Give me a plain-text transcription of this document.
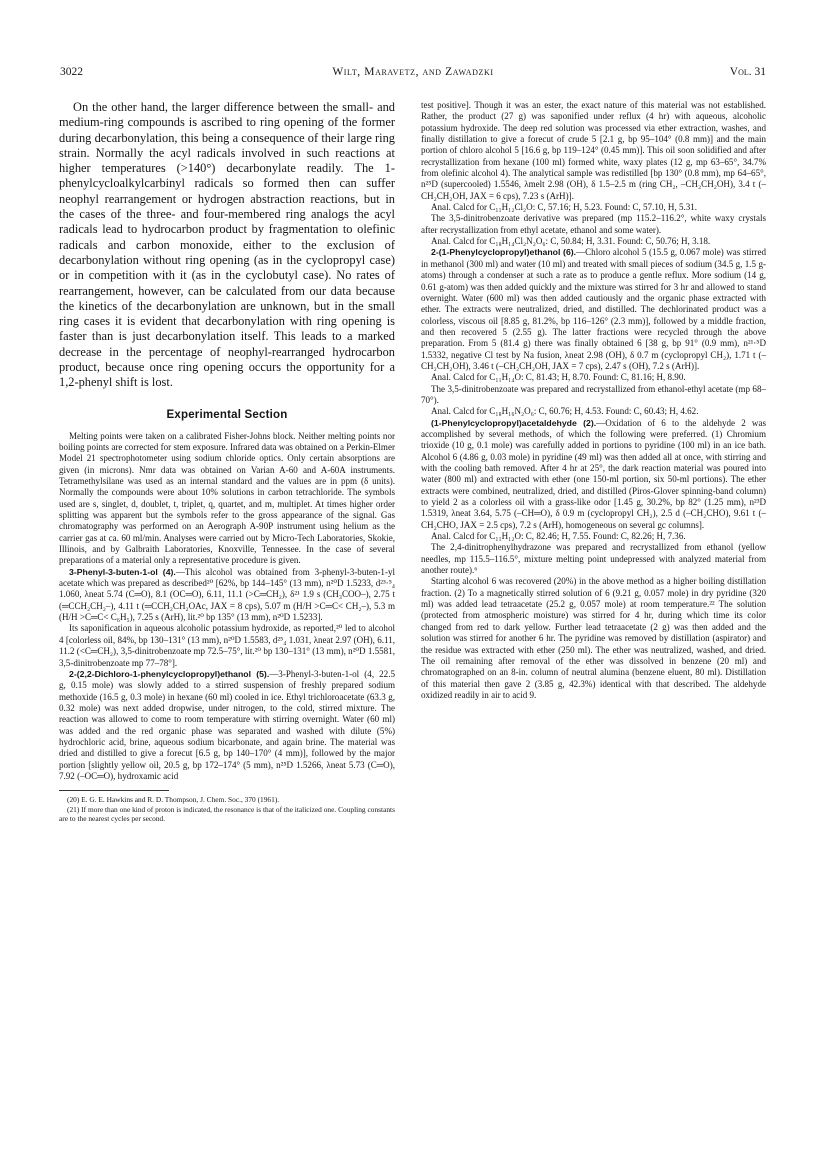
3022	Wilt, Maravetz, and Zawadzki	Vol. 31

On the other hand, the larger difference between the small- and medium-ring compounds is ascribed to ring opening of the former during decarbonylation, this being a consequence of their large ring strain. Normally the acyl radicals involved in such reactions at higher temperatures (>140°) decarbonylate readily. The 1-phenylcycloalkylcarbinyl radicals so formed then can suffer neophyl rearrangement or hydrogen abstraction reactions, but in the cases of the three- and four-membered ring analogs the acyl radicals lead to hydrocarbon product by fragmentation to olefinic radicals and carbon monoxide, either to the exclusion of decarbonylation without ring opening (as in the cyclopropyl case) or in competition with it (as in the cyclobutyl case). No rates of rearrangement, however, can be calculated from our data because the kinetics of the decarbonylation are unknown, but in the small ring cases it is evident that decarbonylation with ring opening is faster than is just decarbonylation itself. This leads to a marked decrease in the percentage of neophyl-rearranged hydrocarbon product, because once ring opening occurs the opportunity for a 1,2-phenyl shift is lost.

Experimental Section

Melting points were taken on a calibrated Fisher-Johns block. Neither melting points nor boiling points are corrected for stem exposure. Infrared data was obtained on a Perkin-Elmer Model 21 spectrophotometer using sodium chloride optics. Only certain absorptions are given (in microns). Nmr data was obtained on Varian A-60 and A-60A instruments. Tetramethylsilane was used as an internal standard and the values are in ppm (δ units). Normally the compounds were about 10% solutions in carbon tetrachloride. The symbols used are s, singlet, d, doublet, t, triplet, q, quartet, and m, multiplet. At times higher order splitting was apparent but the symbols refer to the gross appearance of the signal. Gas chromatography was performed on an Aerograph A-90P instrument using helium as the carrier gas at ca. 60 ml/min. Analyses were carried out by Micro-Tech Laboratories, Skokie, Illinois, and by Galbraith Laboratories, Knoxville, Tennessee. In the case of several preparations of a material only a representative procedure is given.

3-Phenyl-3-buten-1-ol (4).—This alcohol was obtained from 3-phenyl-3-buten-1-yl acetate which was prepared as described²⁰ [62%, bp 144–145° (13 mm), n²⁰D 1.5233, d²³·⁵₄ 1.060, λneat 5.74 (C═O), 8.1 (OC═O), 6.11, 11.1 (>C═CH₂), δ²¹ 1.9 s (CH₃COO–), 2.75 t (═CCH₂CH₂–), 4.11 t (═CCH₂CH₂OAc, JAX = 8 cps), 5.07 m (H/H >C═C< CH₂–), 5.3 m (H/H >C═C< C₆H₅), 7.25 s (ArH), lit.²⁰ bp 135° (13 mm), n²⁰D 1.5233].

Its saponification in aqueous alcoholic potassium hydroxide, as reported,²⁰ led to alcohol 4 [colorless oil, 84%, bp 130–131° (13 mm), n²⁰D 1.5583, d²⁵₄ 1.031, λneat 2.97 (OH), 6.11, 11.2 (<C═CH₂), 3,5-dinitrobenzoate mp 72.5–75°, lit.²⁰ bp 130–131° (13 mm), n²⁰D 1.5581, 3,5-dinitrobenzoate mp 77–78°].

2-(2,2-Dichloro-1-phenylcyclopropyl)ethanol (5).—3-Phenyl-3-buten-1-ol (4, 22.5 g, 0.15 mole) was slowly added to a stirred suspension of freshly prepared sodium methoxide (16.5 g, 0.3 mole) in hexane (60 ml) cooled in ice. Ethyl trichloroacetate (63.3 g, 0.32 mole) was next added dropwise, under nitrogen, to the cold, stirred mixture. The reaction was allowed to come to room temperature with stirring overnight. Water (60 ml) was added and the red organic phase was separated and washed with dilute (5%) hydrochloric acid, brine, aqueous sodium bicarbonate, and again brine. The material was dried and distilled to give a forecut [6.5 g, bp 140–170° (4 mm)], followed by the major portion [slightly yellow oil, 20.5 g, bp 172–174° (5 mm), n²⁵D 1.5266, λneat 5.73 (C═O), 7.92 (–OC═O), hydroxamic acid

(20) E. G. E. Hawkins and R. D. Thompson, J. Chem. Soc., 370 (1961).

(21) If more than one kind of proton is indicated, the resonance is that of the italicized one. Coupling constants are to the nearest cycles per second.

test positive]. Though it was an ester, the exact nature of this material was not established. Rather, the product (27 g) was saponified under reflux (4 hr) with aqueous, alcoholic potassium hydroxide. The deep red solution was processed via ether extraction, washes, and finally distillation to give a forecut of crude 5 [2.1 g, bp 95–104° (0.8 mm)] and the main portion of chloro alcohol 5 [16.6 g, bp 119–124° (0.45 mm)]. This oil soon solidified and after recrystallization from hexane (100 ml) formed white, waxy plates (12 g, mp 63–65°, 34.7% from olefinic alcohol 4). The analytical sample was redistilled [bp 130° (0.8 mm), mp 64–65°, n²⁵D (supercooled) 1.5546, λmelt 2.98 (OH), δ 1.5–2.5 m (ring CH₂, –CH₂CH₂OH), 3.4 t (–CH₂CH₂OH, JAX = 6 cps), 7.23 s (ArH)].

Anal. Calcd for C₁₁H₁₂Cl₂O: C, 57.16; H, 5.23. Found: C, 57.10, H, 5.31.

The 3,5-dinitrobenzoate derivative was prepared (mp 115.2–116.2°, white waxy crystals after recrystallization from ethyl acetate, ethanol and some water).

Anal. Calcd for C₁₈H₁₄Cl₂N₂O₆: C, 50.84; H, 3.31. Found: C, 50.76; H, 3.18.

2-(1-Phenylcyclopropyl)ethanol (6).—Chloro alcohol 5 (15.5 g, 0.067 mole) was stirred in methanol (300 ml) and water (10 ml) and treated with small pieces of sodium (34.5 g, 1.5 g-atoms) through a condenser at such a rate as to produce a gentle reflux. More sodium (14 g, 0.61 g-atom) was then added quickly and the mixture was stirred for 3 hr and allowed to stand overnight. Water (600 ml) was then added cautiously and the organic phase extracted with ether. The extracts were neutralized, dried, and distilled. The dechlorinated product was a colorless, viscous oil [8.85 g, 81.2%, bp 116–126° (2.3 mm)], followed by a middle fraction, and then recovered 5 (2.55 g). The latter fractions were recycled through the above preparation. From 5 (81.4 g) there was finally obtained 6 [38 g, bp 91° (0.9 mm), n²¹·⁵D 1.5332, negative Cl test by Na fusion, λneat 2.98 (OH), δ 0.7 m (cyclopropyl CH₂), 1.71 t (–CH₂CH₂OH), 3.46 t (–CH₂CH₂OH, JAX = 7 cps), 2.47 s (OH), 7.2 s (ArH)].

Anal. Calcd for C₁₁H₁₄O: C, 81.43; H, 8.70. Found: C, 81.16; H, 8.90.

The 3,5-dinitrobenzoate was prepared and recrystallized from ethanol-ethyl acetate (mp 68–70°).

Anal. Calcd for C₁₈H₁₆N₂O₆: C, 60.76; H, 4.53. Found: C, 60.43; H, 4.62.

(1-Phenylcyclopropyl)acetaldehyde (2).—Oxidation of 6 to the aldehyde 2 was accomplished by several methods, of which the following were preferred. (1) Chromium trioxide (10 g, 0.1 mole) was carefully added in portions to pyridine (100 ml) in an ice bath. Alcohol 6 (4.86 g, 0.03 mole) in pyridine (49 ml) was then added all at once, with stirring and with the cooling bath removed. After 4 hr at 25°, the dark reaction material was poured into water (800 ml) and extracted with ether (one 150-ml portion, six 50-ml portions). The ether extracts were combined, neutralized, dried, and distilled (Piros-Glover spinning-band column) to yield 2 as a colorless oil with a grass-like odor [1.45 g, 30.2%, bp 82° (1.25 mm), n²³D 1.5319, λneat 3.64, 5.75 (–CH═O), δ 0.9 m (cyclopropyl CH₂), 2.5 d (–CH₂CHO), 9.61 t (–CH₂CHO, JAX = 2.5 cps), 7.2 s (ArH), homogeneous on several gc columns].

Anal. Calcd for C₁₁H₁₂O: C, 82.46; H, 7.55. Found: C, 82.26; H, 7.36.

The 2,4-dinitrophenylhydrazone was prepared and recrystallized from ethanol (yellow needles, mp 115.5–116.5°, mixture melting point undepressed with analyzed material from another route).⁶

Starting alcohol 6 was recovered (20%) in the above method as a higher boiling distillation fraction. (2) To a magnetically stirred solution of 6 (9.21 g, 0.057 mole) in dry pyridine (320 ml) was added lead tetraacetate (25.2 g, 0.057 mole) at room temperature.²² The solution (protected from atmospheric moisture) was stirred for 4 hr, during which time its color changed from red to dark yellow. Further lead tetraacetate (2 g) was then added and the solution was stirred for another 6 hr. The pyridine was removed by distillation (aspirator) and the residue was extracted with ether (250 ml). The ether was neutralized, washed, and dried. The oil remaining after removal of the ether was dissolved in benzene (20 ml) and chromatographed on an 8-in. column of neutral alumina (benzene eluent, 80 ml). Distillation of this material then gave 2 (3.85 g, 42.3%) identical with that described. The aldehyde oxidized readily in air to acid 9.
